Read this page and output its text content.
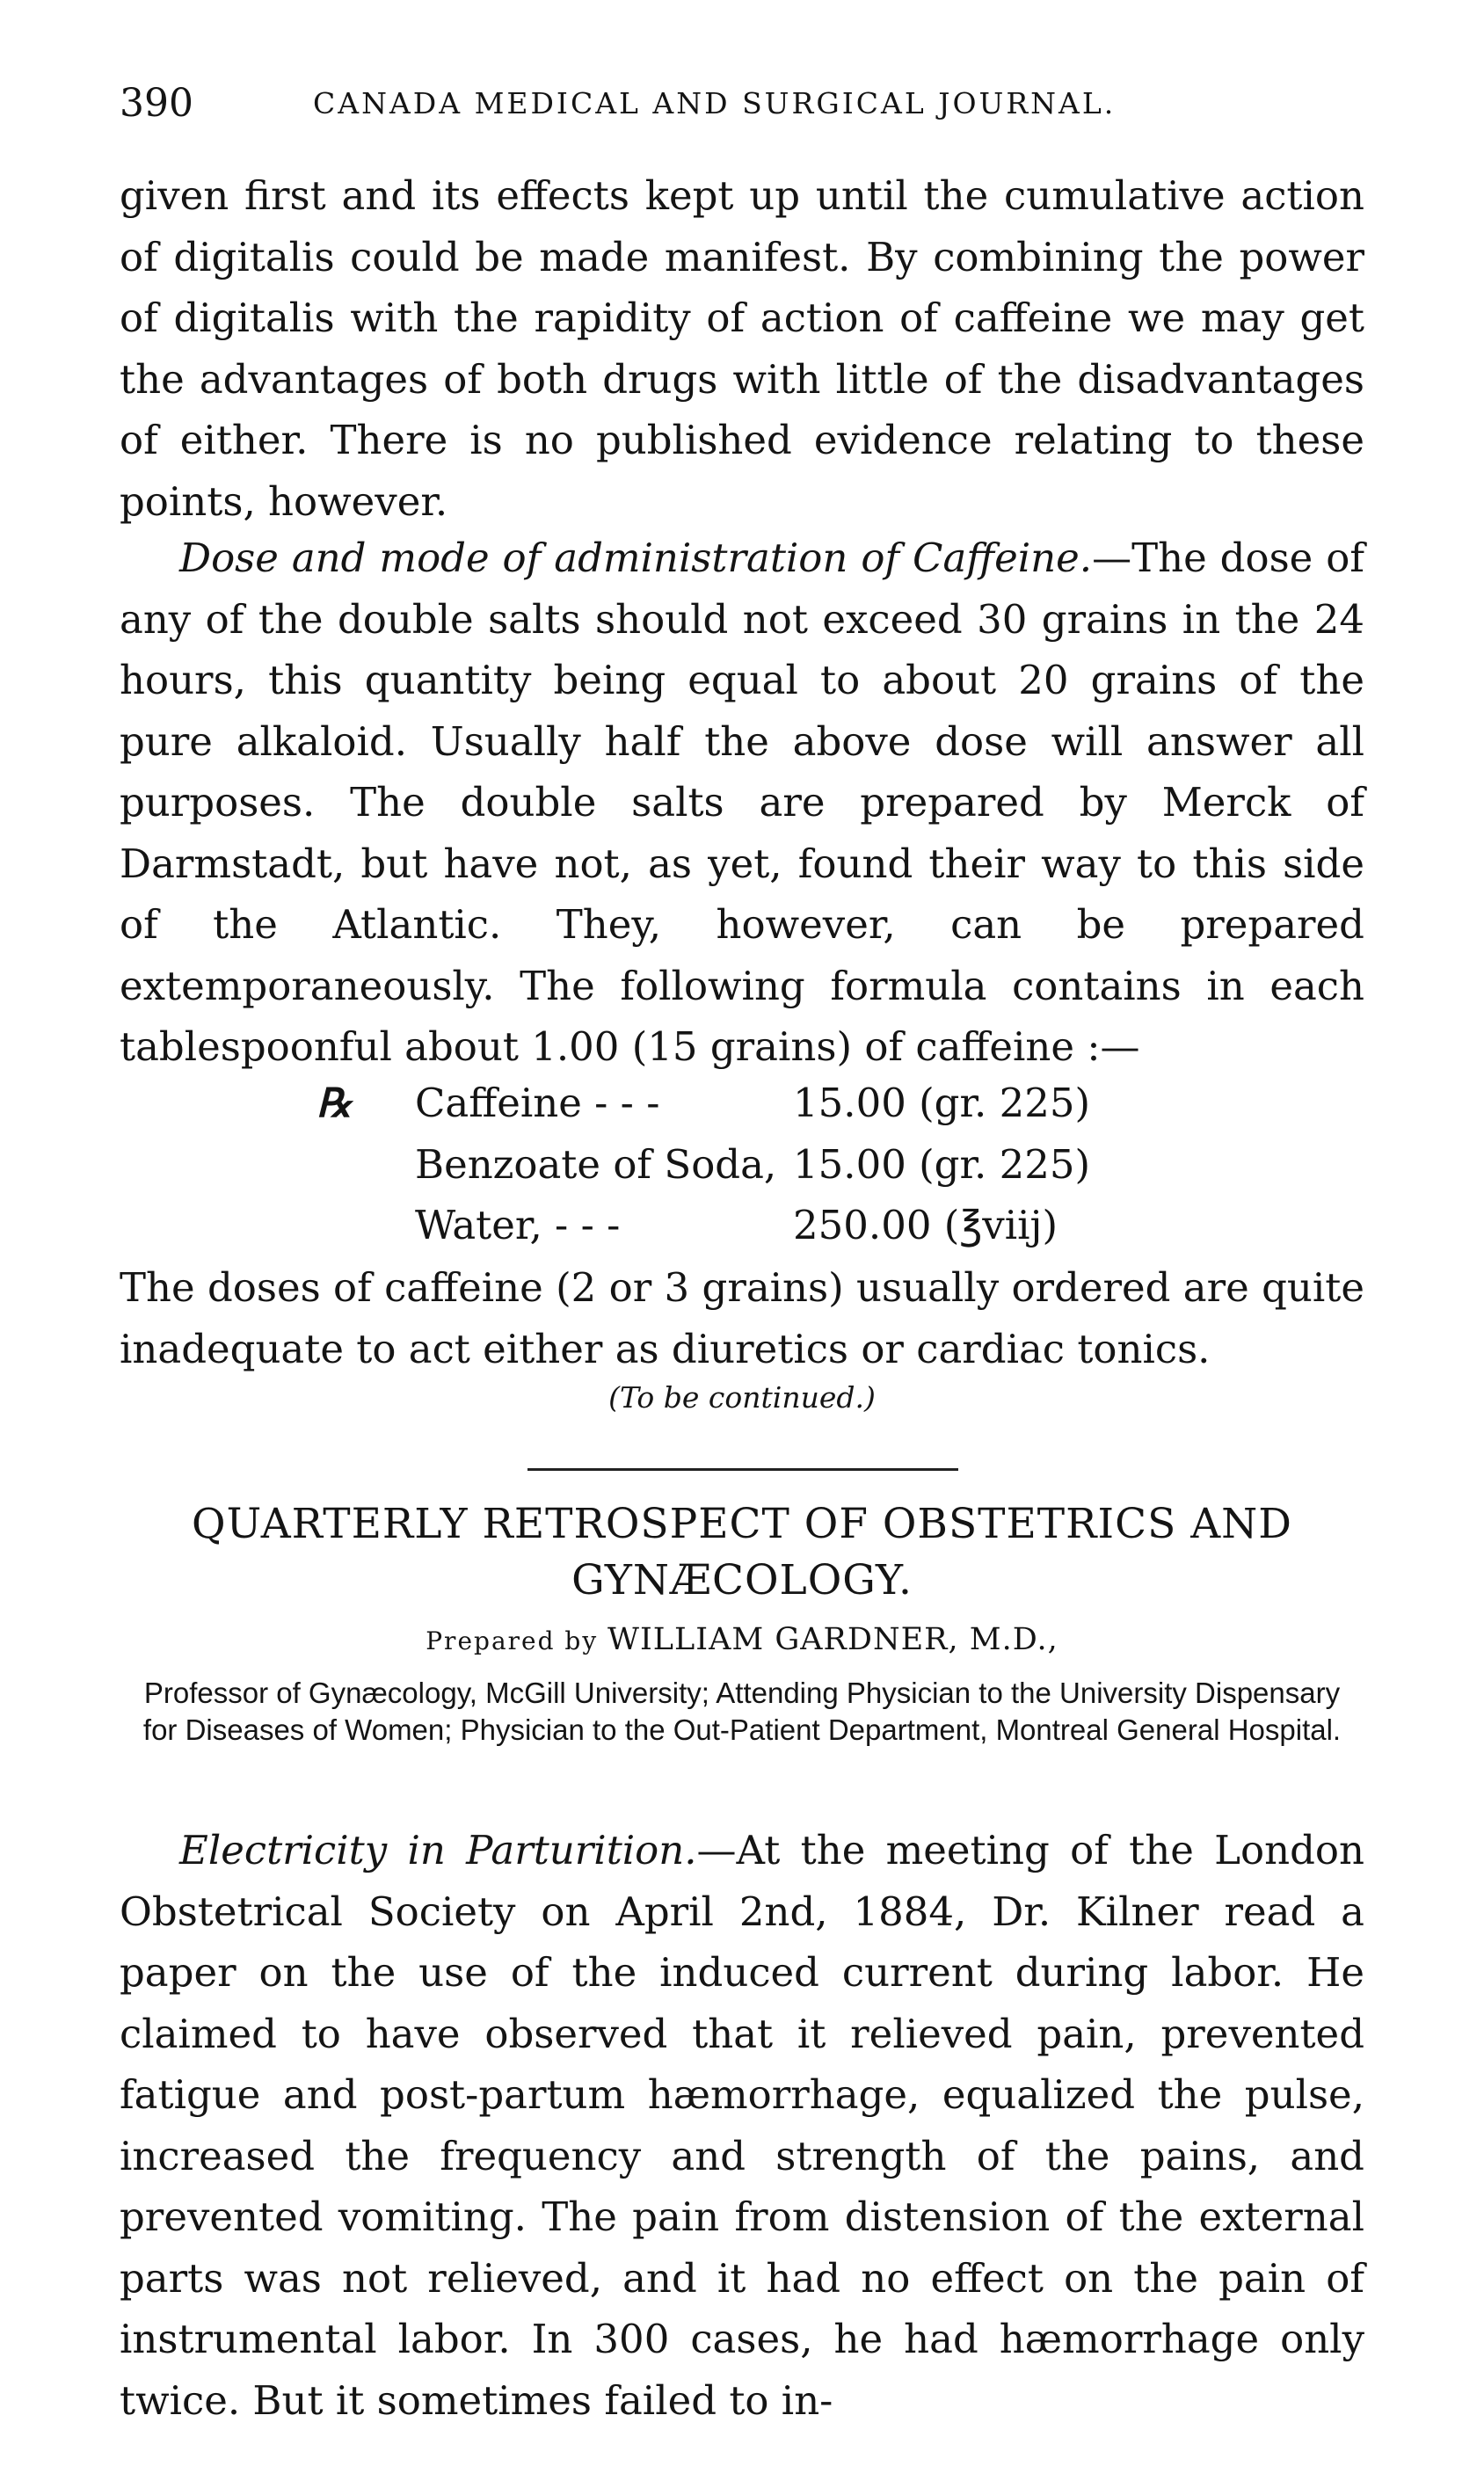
390	CANADA MEDICAL AND SURGICAL JOURNAL.

given first and its effects kept up until the cumulative action of digitalis could be made manifest. By combining the power of digitalis with the rapidity of action of caffeine we may get the advantages of both drugs with little of the disadvantages of either. There is no published evidence relating to these points, however.

Dose and mode of administration of Caffeine.—The dose of any of the double salts should not exceed 30 grains in the 24 hours, this quantity being equal to about 20 grains of the pure alkaloid. Usually half the above dose will answer all purposes. The double salts are prepared by Merck of Darmstadt, but have not, as yet, found their way to this side of the Atlantic. They, however, can be prepared extemporaneously. The following formula contains in each tablespoonful about 1.00 (15 grains) of caffeine :—

℞ Caffeine - - -	15.00 (gr. 225)
Benzoate of Soda, 15.00 (gr. 225)
Water, - - -	250.00 (℥viij)

The doses of caffeine (2 or 3 grains) usually ordered are quite inadequate to act either as diuretics or cardiac tonics.

(To be continued.)
QUARTERLY RETROSPECT OF OBSTETRICS AND GYNÆCOLOGY.
Prepared by WILLIAM GARDNER, M.D.,
Professor of Gynæcology, McGill University; Attending Physician to the University Dispensary for Diseases of Women; Physician to the Out-Patient Department, Montreal General Hospital.

Electricity in Parturition.—At the meeting of the London Obstetrical Society on April 2nd, 1884, Dr. Kilner read a paper on the use of the induced current during labor. He claimed to have observed that it relieved pain, prevented fatigue and post-partum hæmorrhage, equalized the pulse, increased the frequency and strength of the pains, and prevented vomiting. The pain from distension of the external parts was not relieved, and it had no effect on the pain of instrumental labor. In 300 cases, he had hæmorrhage only twice. But it sometimes failed to in-
